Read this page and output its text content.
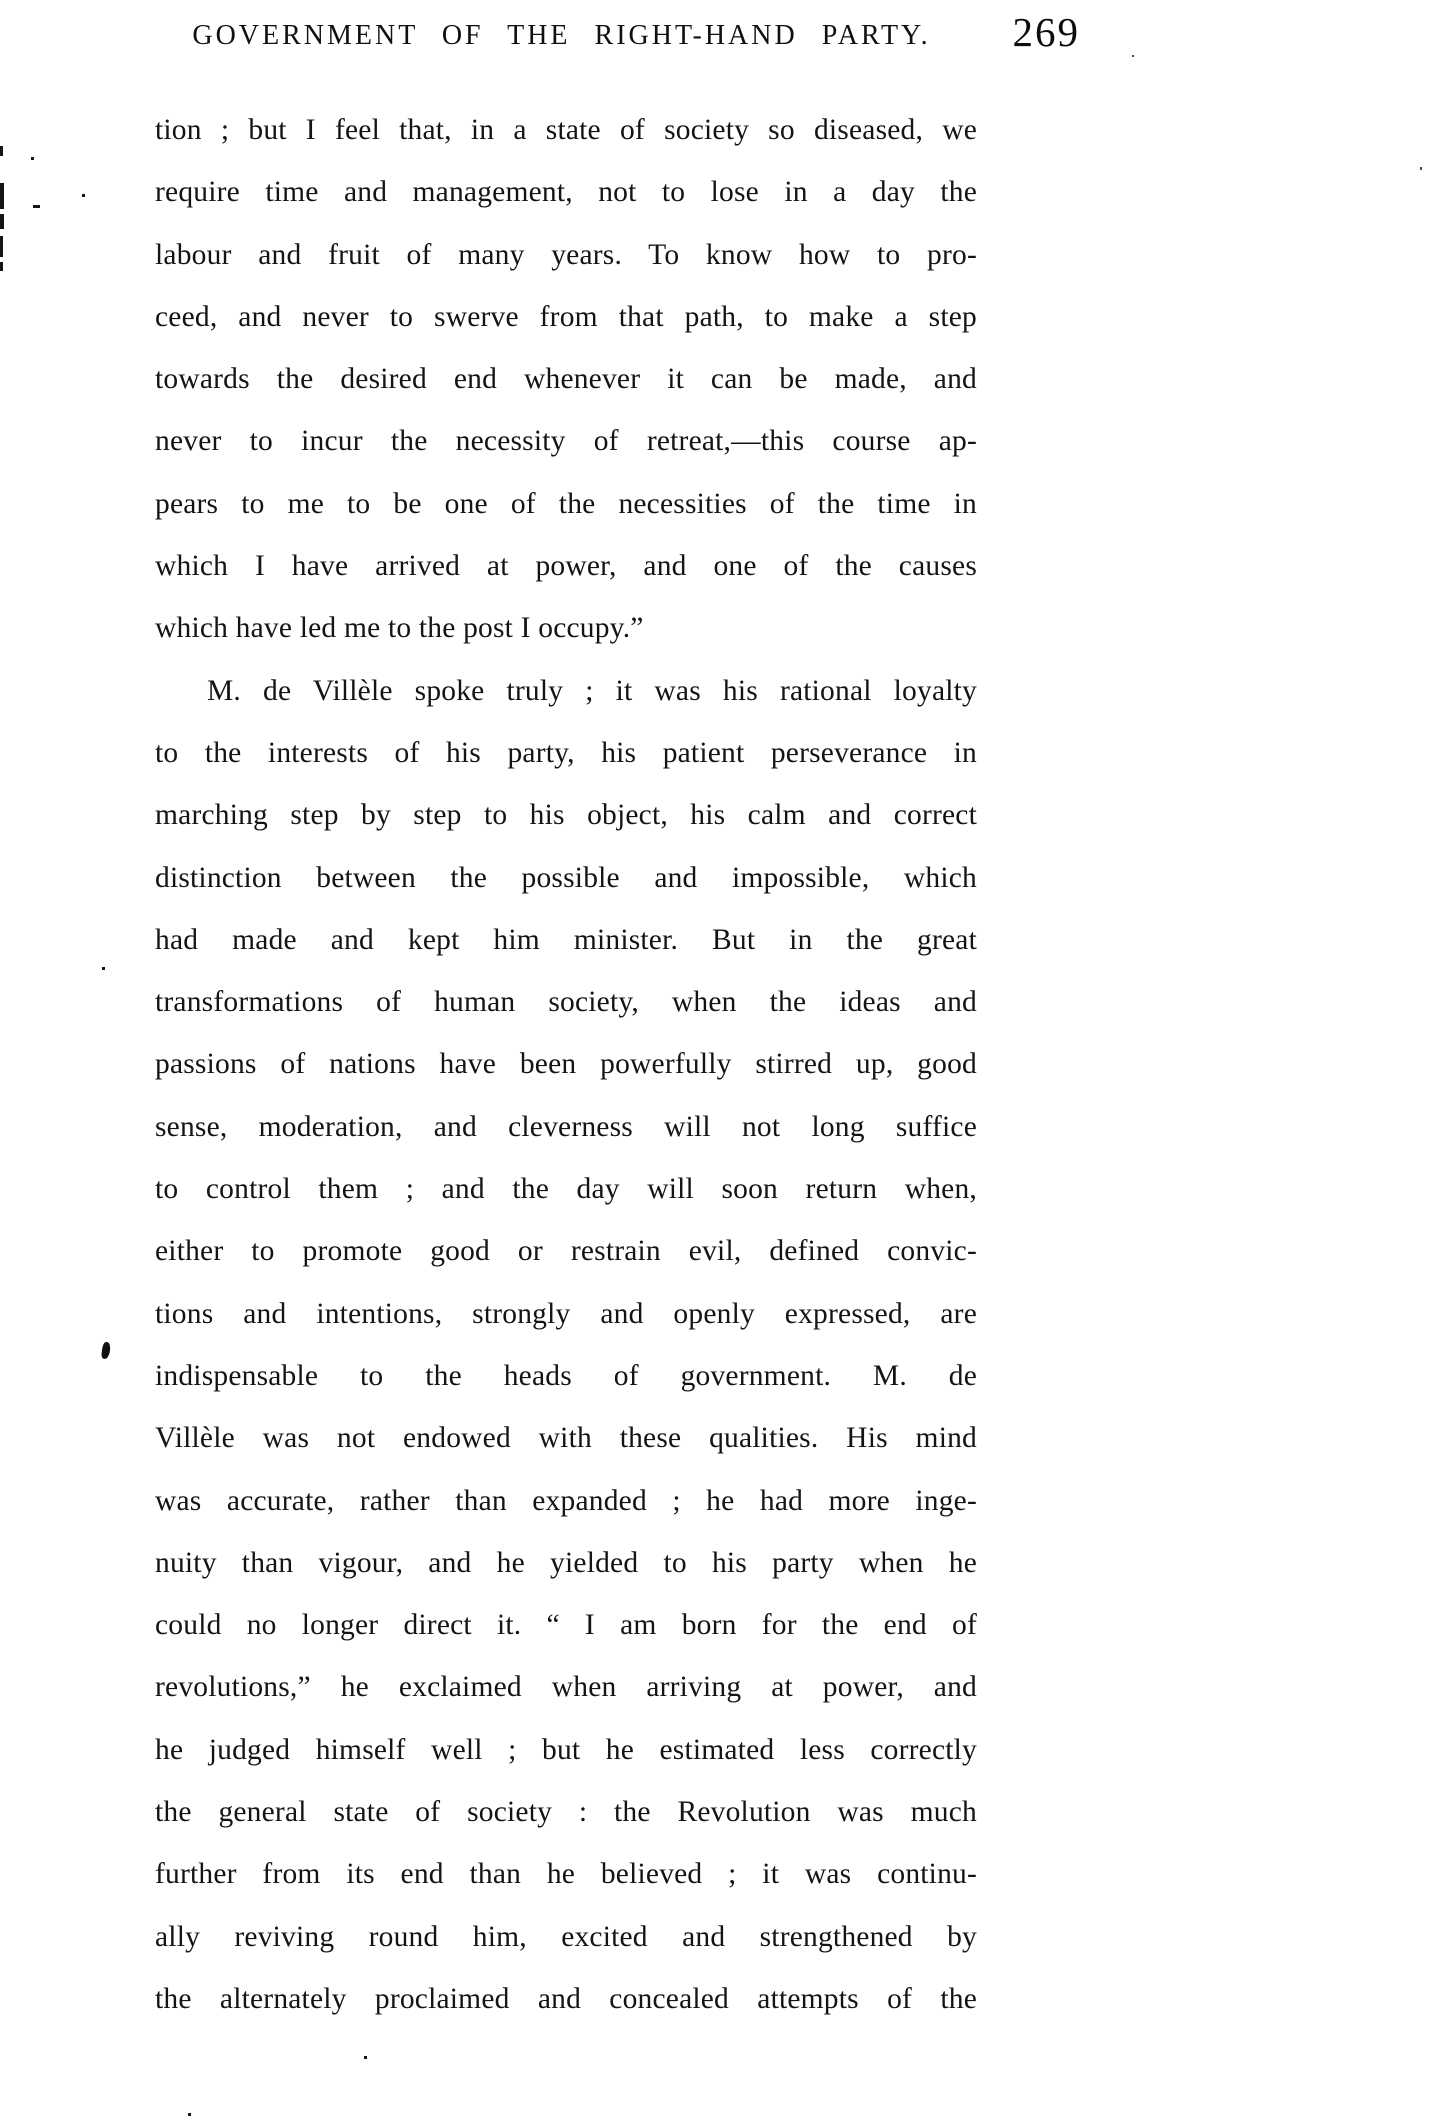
GOVERNMENT OF THE RIGHT-HAND PARTY.	269
tion ; but I feel that, in a state of society so diseased, we
require time and management, not to lose in a day the
labour and fruit of many years. To know how to pro-
ceed, and never to swerve from that path, to make a step
towards the desired end whenever it can be made, and
never to incur the necessity of retreat,—this course ap-
pears to me to be one of the necessities of the time in
which I have arrived at power, and one of the causes
which have led me to the post I occupy.”
M. de Villèle spoke truly ; it was his rational loyalty
to the interests of his party, his patient perseverance in
marching step by step to his object, his calm and correct
distinction between the possible and impossible, which
had made and kept him minister. But in the great
transformations of human society, when the ideas and
passions of nations have been powerfully stirred up, good
sense, moderation, and cleverness will not long suffice
to control them ; and the day will soon return when,
either to promote good or restrain evil, defined convic-
tions and intentions, strongly and openly expressed, are
indispensable to the heads of government. M. de
Villèle was not endowed with these qualities. His mind
was accurate, rather than expanded ; he had more inge-
nuity than vigour, and he yielded to his party when he
could no longer direct it. “ I am born for the end of
revolutions,” he exclaimed when arriving at power, and
he judged himself well ; but he estimated less correctly
the general state of society : the Revolution was much
further from its end than he believed ; it was continu-
ally reviving round him, excited and strengthened by
the alternately proclaimed and concealed attempts of the
